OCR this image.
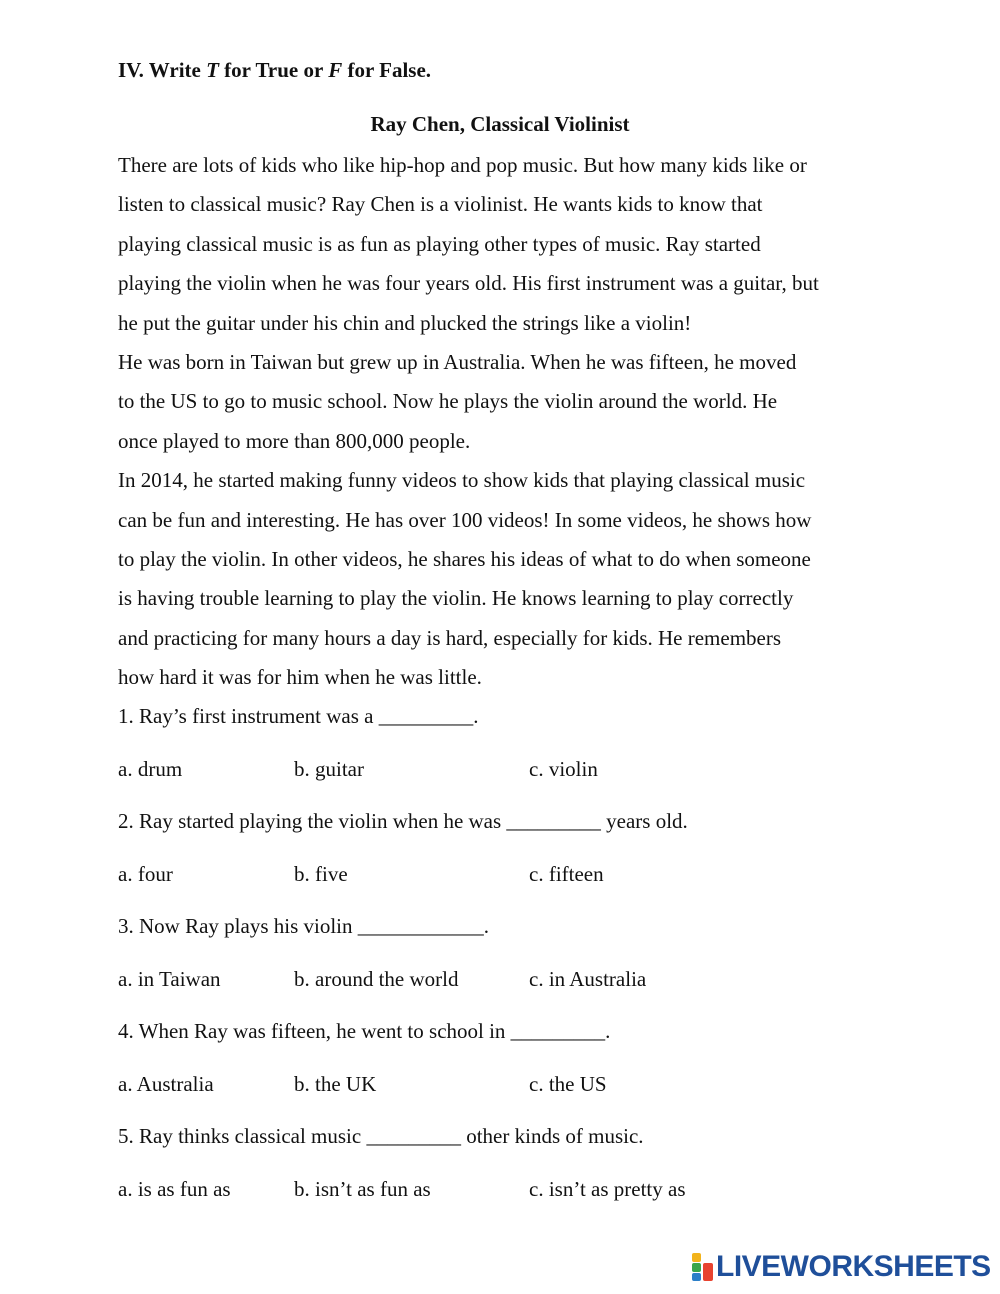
IV. Write T for True or F for False.

Ray Chen, Classical Violinist

There are lots of kids who like hip-hop and pop music. But how many kids like or
listen to classical music? Ray Chen is a violinist. He wants kids to know that
playing classical music is as fun as playing other types of music. Ray started
playing the violin when he was four years old. His first instrument was a guitar, but
he put the guitar under his chin and plucked the strings like a violin!
He was born in Taiwan but grew up in Australia. When he was fifteen, he moved
to the US to go to music school. Now he plays the violin around the world. He
once played to more than 800,000 people.
In 2014, he started making funny videos to show kids that playing classical music
can be fun and interesting. He has over 100 videos! In some videos, he shows how
to play the violin. In other videos, he shares his ideas of what to do when someone
is having trouble learning to play the violin. He knows learning to play correctly
and practicing for many hours a day is hard, especially for kids. He remembers
how hard it was for him when he was little.

1. Ray’s first instrument was a _________.

a. drum	b. guitar	c. violin

2. Ray started playing the violin when he was _________ years old.

a. four	b. five	c. fifteen

3. Now Ray plays his violin ____________.

a. in Taiwan	b. around the world	c. in Australia

4. When Ray was fifteen, he went to school in _________.

a. Australia	b. the UK	c. the US

5. Ray thinks classical music _________ other kinds of music.

a. is as fun as	b. isn’t as fun as	c. isn’t as pretty as

LIVEWORKSHEETS
